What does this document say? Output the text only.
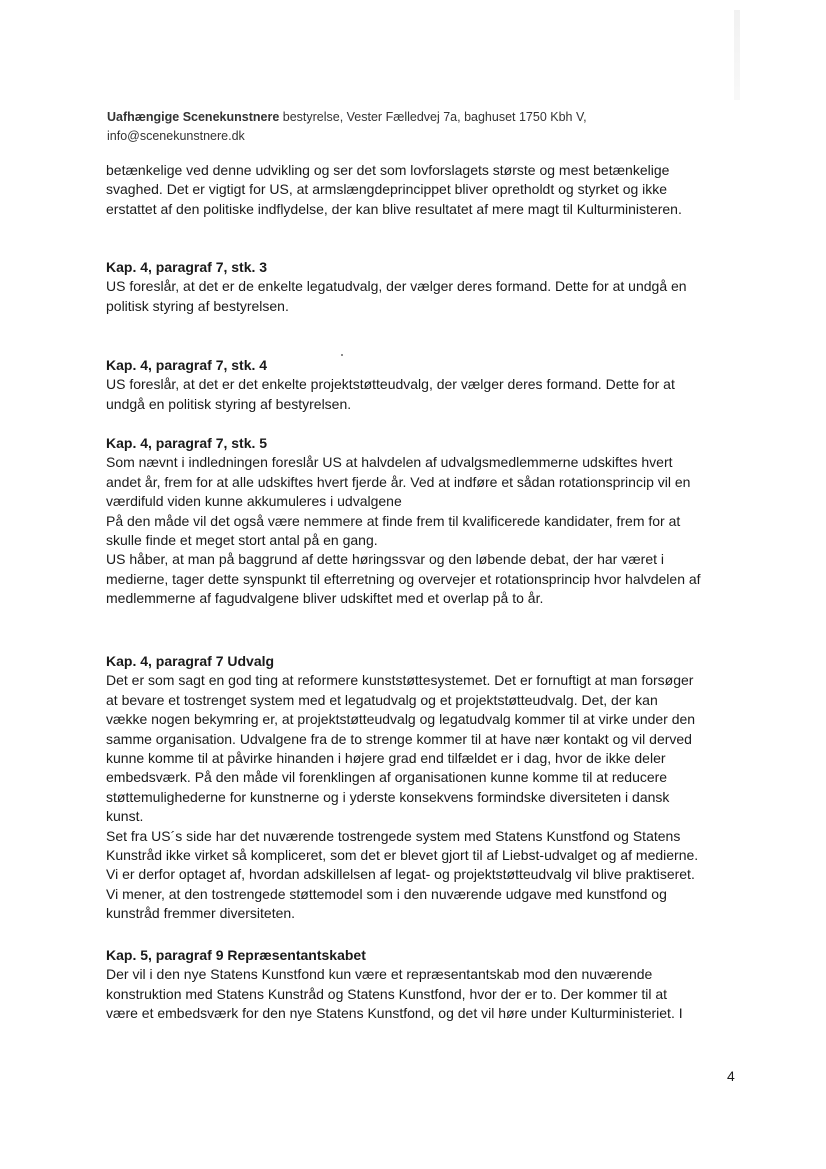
Uafhængige Scenekunstnere bestyrelse, Vester Fælledvej 7a, baghuset 1750 Kbh V,
info@scenekunstnere.dk

betænkelige ved denne udvikling og ser det som lovforslagets største og mest betænkelige

svaghed. Det er vigtigt for US, at armslængdeprincippet bliver opretholdt og styrket og ikke

erstattet af den politiske indflydelse, der kan blive resultatet af mere magt til Kulturministeren.

Kap. 4, paragraf 7, stk. 3

US foreslår, at det er de enkelte legatudvalg, der vælger deres formand. Dette for at undgå en

politisk styring af bestyrelsen.

Kap. 4, paragraf 7, stk. 4

US foreslår, at det er det enkelte projektstøtteudvalg, der vælger deres formand. Dette for at

undgå en politisk styring af bestyrelsen.

Kap. 4, paragraf 7, stk. 5

Som nævnt i indledningen foreslår US at halvdelen af udvalgsmedlemmerne udskiftes hvert

andet år, frem for at alle udskiftes hvert fjerde år. Ved at indføre et sådan rotationsprincip vil en

værdifuld viden kunne akkumuleres i udvalgene

På den måde vil det også være nemmere at finde frem til kvalificerede kandidater, frem for at

skulle finde et meget stort antal på en gang.

US håber, at man på baggrund af dette høringssvar og den løbende debat, der har været i

medierne, tager dette synspunkt til efterretning og overvejer et rotationsprincip hvor halvdelen af

medlemmerne af fagudvalgene bliver udskiftet med et overlap på to år.

Kap. 4, paragraf 7 Udvalg

Det er som sagt en god ting at reformere kunststøttesystemet. Det er fornuftigt at man forsøger

at bevare et tostrenget system med et legatudvalg og et projektstøtteudvalg. Det, der kan

vække nogen bekymring er, at projektstøtteudvalg og legatudvalg kommer til at virke under den

samme organisation. Udvalgene fra de to strenge kommer til at have nær kontakt og vil derved

kunne komme til at påvirke hinanden i højere grad end tilfældet er i dag, hvor de ikke deler

embedsværk. På den måde vil forenklingen af organisationen kunne komme til at reducere

støttemulighederne for kunstnerne og i yderste konsekvens formindske diversiteten i dansk

kunst.

Set fra US´s side har det nuværende tostrengede system med Statens Kunstfond og Statens

Kunstråd ikke virket så kompliceret, som det er blevet gjort til af Liebst-udvalget og af medierne.

Vi er derfor optaget af, hvordan adskillelsen af legat- og projektstøtteudvalg vil blive praktiseret.

Vi mener, at den tostrengede støttemodel som i den nuværende udgave med kunstfond og

kunstråd fremmer diversiteten.

Kap. 5, paragraf 9 Repræsentantskabet

Der vil i den nye Statens Kunstfond kun være et repræsentantskab mod den nuværende

konstruktion med Statens Kunstråd og Statens Kunstfond, hvor der er to. Der kommer til at

være et embedsværk for den nye Statens Kunstfond, og det vil høre under Kulturministeriet. I

4
